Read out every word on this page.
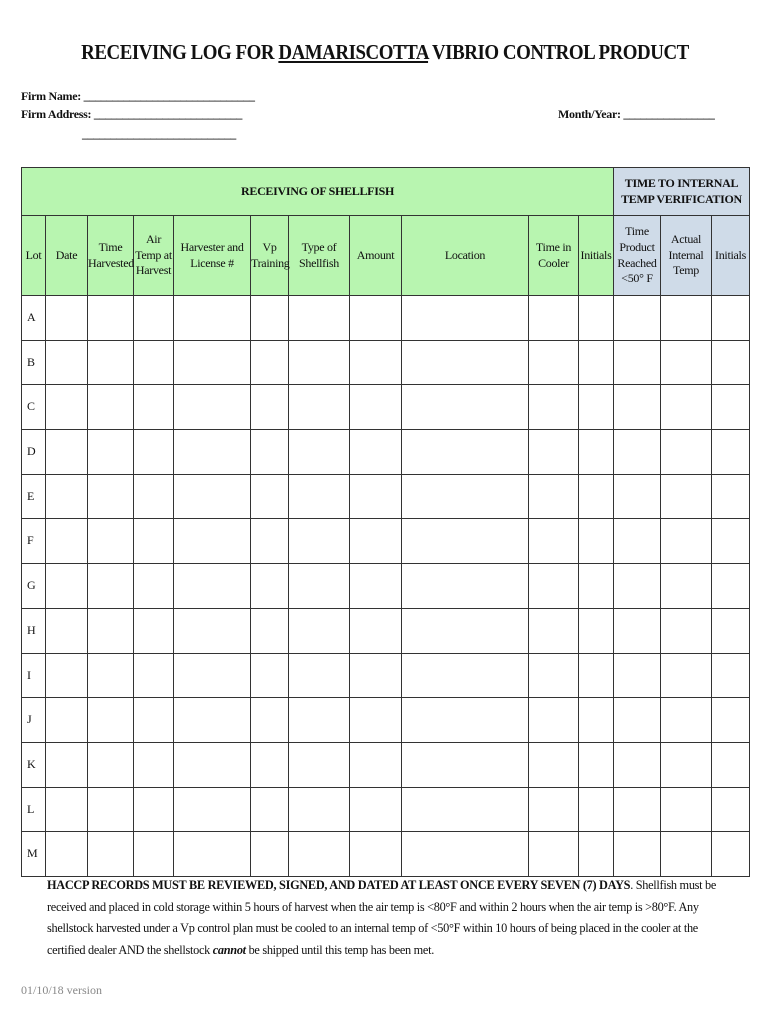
RECEIVING LOG FOR DAMARISCOTTA VIBRIO CONTROL PRODUCT
Firm Name: ______________________________
Firm Address: __________________________
___________________________
Month/Year: ________________
RECEIVING OF SHELLFISH											TIME TO INTERNAL TEMP VERIFICATION		
Lot	Date	Time Harvested	Air Temp at Harvest	Harvester and License #	Vp Training	Type of Shellfish	Amount	Location	Time in Cooler	Initials	Time Product Reached <50° F	Actual Internal Temp	Initials
A													
B													
C													
D													
E													
F													
G													
H													
I													
J													
K													
L													
M													
HACCP RECORDS MUST BE REVIEWED, SIGNED, AND DATED AT LEAST ONCE EVERY SEVEN (7) DAYS. Shellfish must be received and placed in cold storage within 5 hours of harvest when the air temp is <80°F and within 2 hours when the air temp is >80°F. Any shellstock harvested under a Vp control plan must be cooled to an internal temp of <50°F within 10 hours of being placed in the cooler at the certified dealer AND the shellstock cannot be shipped until this temp has been met.
01/10/18 version
